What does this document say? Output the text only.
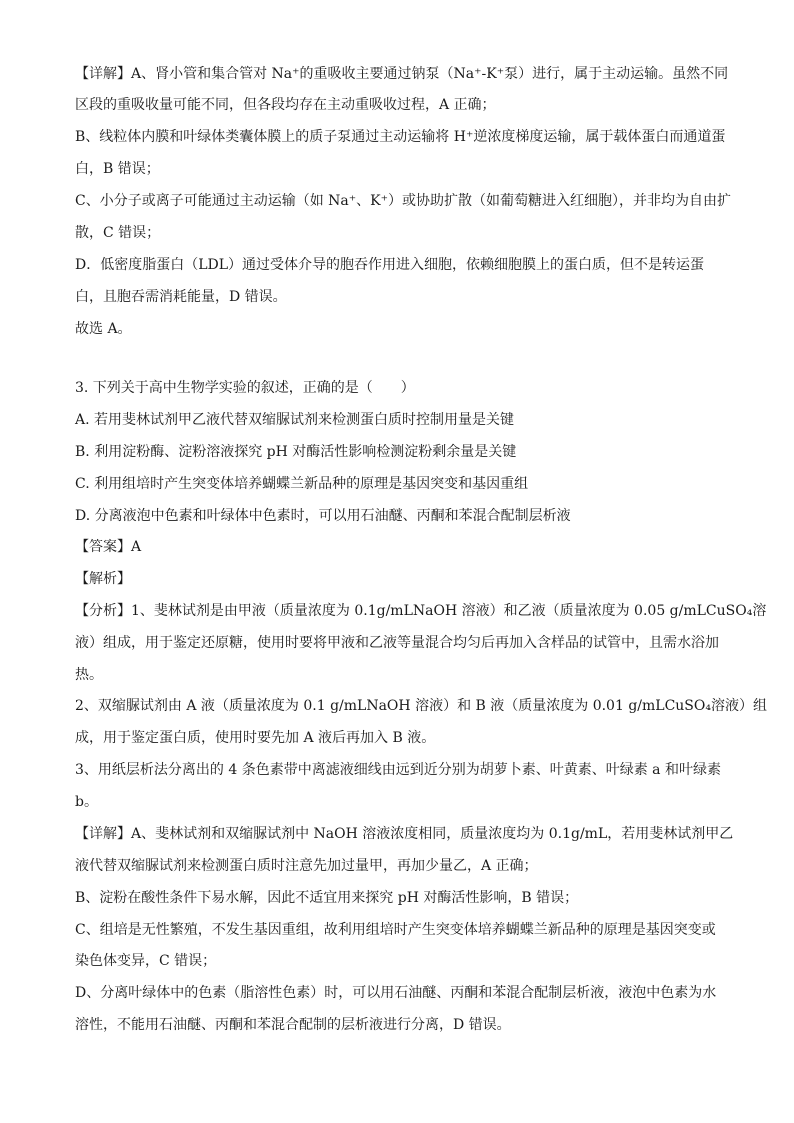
【详解】A、肾小管和集合管对 Na⁺的重吸收主要通过钠泵（Na⁺-K⁺泵）进行，属于主动运输。虽然不同
区段的重吸收量可能不同，但各段均存在主动重吸收过程，A 正确；
B、线粒体内膜和叶绿体类囊体膜上的质子泵通过主动运输将 H⁺逆浓度梯度运输，属于载体蛋白而通道蛋
白，B 错误；
C、小分子或离子可能通过主动运输（如 Na⁺、K⁺）或协助扩散（如葡萄糖进入红细胞），并非均为自由扩
散，C 错误；
D．低密度脂蛋白（LDL）通过受体介导的胞吞作用进入细胞，依赖细胞膜上的蛋白质，但不是转运蛋
白，且胞吞需消耗能量，D 错误。
故选 A。
3. 下列关于高中生物学实验的叙述，正确的是（　　）
A. 若用斐林试剂甲乙液代替双缩脲试剂来检测蛋白质时控制用量是关键
B. 利用淀粉酶、淀粉溶液探究 pH 对酶活性影响检测淀粉剩余量是关键
C. 利用组培时产生突变体培养蝴蝶兰新品种的原理是基因突变和基因重组
D. 分离液泡中色素和叶绿体中色素时，可以用石油醚、丙酮和苯混合配制层析液
【答案】A
【解析】
【分析】1、斐林试剂是由甲液（质量浓度为 0.1g/mLNaOH 溶液）和乙液（质量浓度为 0.05 g/mLCuSO₄溶
液）组成，用于鉴定还原糖，使用时要将甲液和乙液等量混合均匀后再加入含样品的试管中，且需水浴加
热。
2、双缩脲试剂由 A 液（质量浓度为 0.1 g/mLNaOH 溶液）和 B 液（质量浓度为 0.01 g/mLCuSO₄溶液）组
成，用于鉴定蛋白质，使用时要先加 A 液后再加入 B 液。
3、用纸层析法分离出的 4 条色素带中离滤液细线由远到近分别为胡萝卜素、叶黄素、叶绿素 a 和叶绿素
b。
【详解】A、斐林试剂和双缩脲试剂中 NaOH 溶液浓度相同，质量浓度均为 0.1g/mL，若用斐林试剂甲乙
液代替双缩脲试剂来检测蛋白质时注意先加过量甲，再加少量乙，A 正确；
B、淀粉在酸性条件下易水解，因此不适宜用来探究 pH 对酶活性影响，B 错误；
C、组培是无性繁殖，不发生基因重组，故利用组培时产生突变体培养蝴蝶兰新品种的原理是基因突变或
染色体变异，C 错误；
D、分离叶绿体中的色素（脂溶性色素）时，可以用石油醚、丙酮和苯混合配制层析液，液泡中色素为水
溶性，不能用石油醚、丙酮和苯混合配制的层析液进行分离，D 错误。
